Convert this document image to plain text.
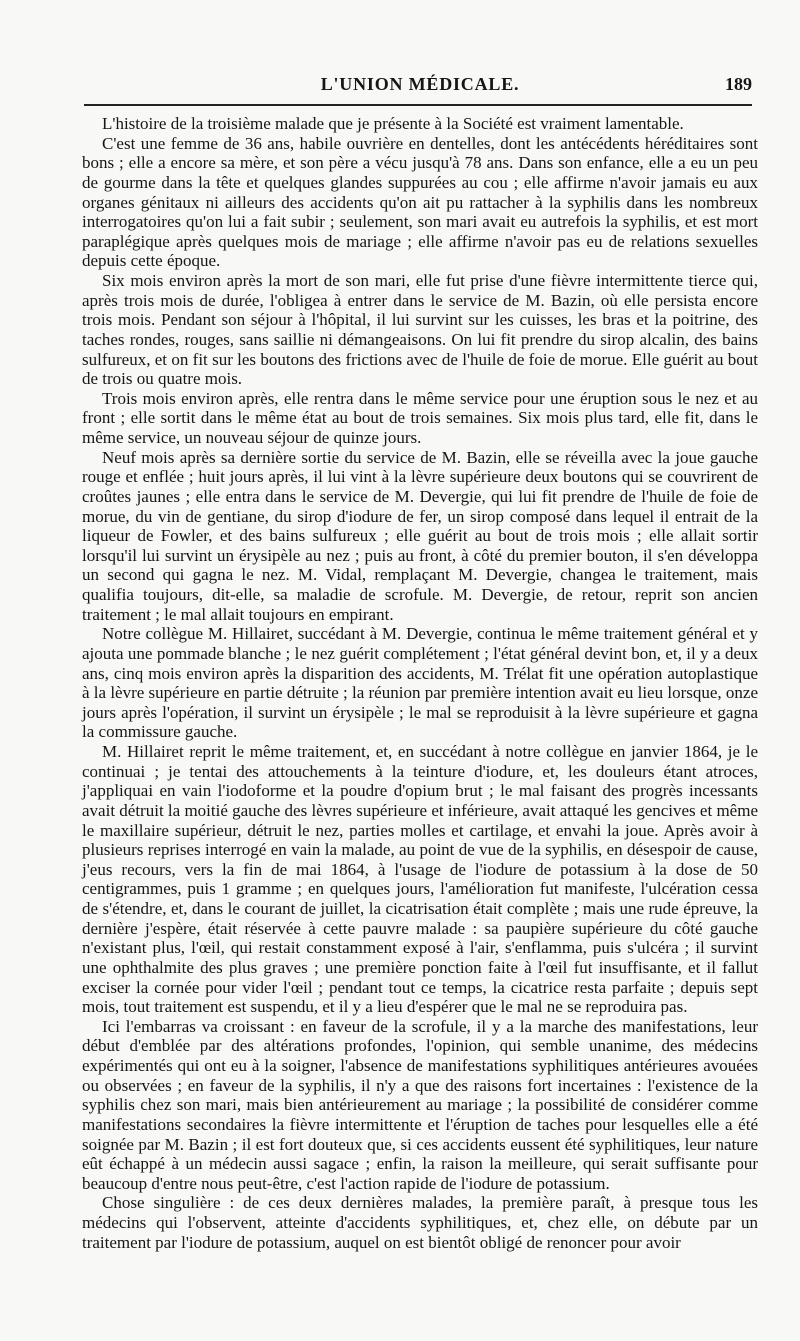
L'UNION MÉDICALE.	189

L'histoire de la troisième malade que je présente à la Société est vraiment lamentable.

C'est une femme de 36 ans, habile ouvrière en dentelles, dont les antécédents héréditaires sont bons ; elle a encore sa mère, et son père a vécu jusqu'à 78 ans. Dans son enfance, elle a eu un peu de gourme dans la tête et quelques glandes suppurées au cou ; elle affirme n'avoir jamais eu aux organes génitaux ni ailleurs des accidents qu'on ait pu rattacher à la syphilis dans les nombreux interrogatoires qu'on lui a fait subir ; seulement, son mari avait eu autrefois la syphilis, et est mort paraplégique après quelques mois de mariage ; elle affirme n'avoir pas eu de relations sexuelles depuis cette époque.

Six mois environ après la mort de son mari, elle fut prise d'une fièvre intermittente tierce qui, après trois mois de durée, l'obligea à entrer dans le service de M. Bazin, où elle persista encore trois mois. Pendant son séjour à l'hôpital, il lui survint sur les cuisses, les bras et la poitrine, des taches rondes, rouges, sans saillie ni démangeaisons. On lui fit prendre du sirop alcalin, des bains sulfureux, et on fit sur les boutons des frictions avec de l'huile de foie de morue. Elle guérit au bout de trois ou quatre mois.

Trois mois environ après, elle rentra dans le même service pour une éruption sous le nez et au front ; elle sortit dans le même état au bout de trois semaines. Six mois plus tard, elle fit, dans le même service, un nouveau séjour de quinze jours.

Neuf mois après sa dernière sortie du service de M. Bazin, elle se réveilla avec la joue gauche rouge et enflée ; huit jours après, il lui vint à la lèvre supérieure deux boutons qui se couvrirent de croûtes jaunes ; elle entra dans le service de M. Devergie, qui lui fit prendre de l'huile de foie de morue, du vin de gentiane, du sirop d'iodure de fer, un sirop composé dans lequel il entrait de la liqueur de Fowler, et des bains sulfureux ; elle guérit au bout de trois mois ; elle allait sortir lorsqu'il lui survint un érysipèle au nez ; puis au front, à côté du premier bouton, il s'en développa un second qui gagna le nez. M. Vidal, remplaçant M. Devergie, changea le traitement, mais qualifia toujours, dit-elle, sa maladie de scrofule. M. Devergie, de retour, reprit son ancien traitement ; le mal allait toujours en empirant.

Notre collègue M. Hillairet, succédant à M. Devergie, continua le même traitement général et y ajouta une pommade blanche ; le nez guérit complétement ; l'état général devint bon, et, il y a deux ans, cinq mois environ après la disparition des accidents, M. Trélat fit une opération autoplastique à la lèvre supérieure en partie détruite ; la réunion par première intention avait eu lieu lorsque, onze jours après l'opération, il survint un érysipèle ; le mal se reproduisit à la lèvre supérieure et gagna la commissure gauche.

M. Hillairet reprit le même traitement, et, en succédant à notre collègue en janvier 1864, je le continuai ; je tentai des attouchements à la teinture d'iodure, et, les douleurs étant atroces, j'appliquai en vain l'iodoforme et la poudre d'opium brut ; le mal faisant des progrès incessants avait détruit la moitié gauche des lèvres supérieure et inférieure, avait attaqué les gencives et même le maxillaire supérieur, détruit le nez, parties molles et cartilage, et envahi la joue. Après avoir à plusieurs reprises interrogé en vain la malade, au point de vue de la syphilis, en désespoir de cause, j'eus recours, vers la fin de mai 1864, à l'usage de l'iodure de potassium à la dose de 50 centigrammes, puis 1 gramme ; en quelques jours, l'amélioration fut manifeste, l'ulcération cessa de s'étendre, et, dans le courant de juillet, la cicatrisation était complète ; mais une rude épreuve, la dernière j'espère, était réservée à cette pauvre malade : sa paupière supérieure du côté gauche n'existant plus, l'œil, qui restait constamment exposé à l'air, s'enflamma, puis s'ulcéra ; il survint une ophthalmite des plus graves ; une première ponction faite à l'œil fut insuffisante, et il fallut exciser la cornée pour vider l'œil ; pendant tout ce temps, la cicatrice resta parfaite ; depuis sept mois, tout traitement est suspendu, et il y a lieu d'espérer que le mal ne se reproduira pas.

Ici l'embarras va croissant : en faveur de la scrofule, il y a la marche des manifestations, leur début d'emblée par des altérations profondes, l'opinion, qui semble unanime, des médecins expérimentés qui ont eu à la soigner, l'absence de manifestations syphilitiques antérieures avouées ou observées ; en faveur de la syphilis, il n'y a que des raisons fort incertaines : l'existence de la syphilis chez son mari, mais bien antérieurement au mariage ; la possibilité de considérer comme manifestations secondaires la fièvre intermittente et l'éruption de taches pour lesquelles elle a été soignée par M. Bazin ; il est fort douteux que, si ces accidents eussent été syphilitiques, leur nature eût échappé à un médecin aussi sagace ; enfin, la raison la meilleure, qui serait suffisante pour beaucoup d'entre nous peut-être, c'est l'action rapide de l'iodure de potassium.

Chose singulière : de ces deux dernières malades, la première paraît, à presque tous les médecins qui l'observent, atteinte d'accidents syphilitiques, et, chez elle, on débute par un traitement par l'iodure de potassium, auquel on est bientôt obligé de renoncer pour avoir
